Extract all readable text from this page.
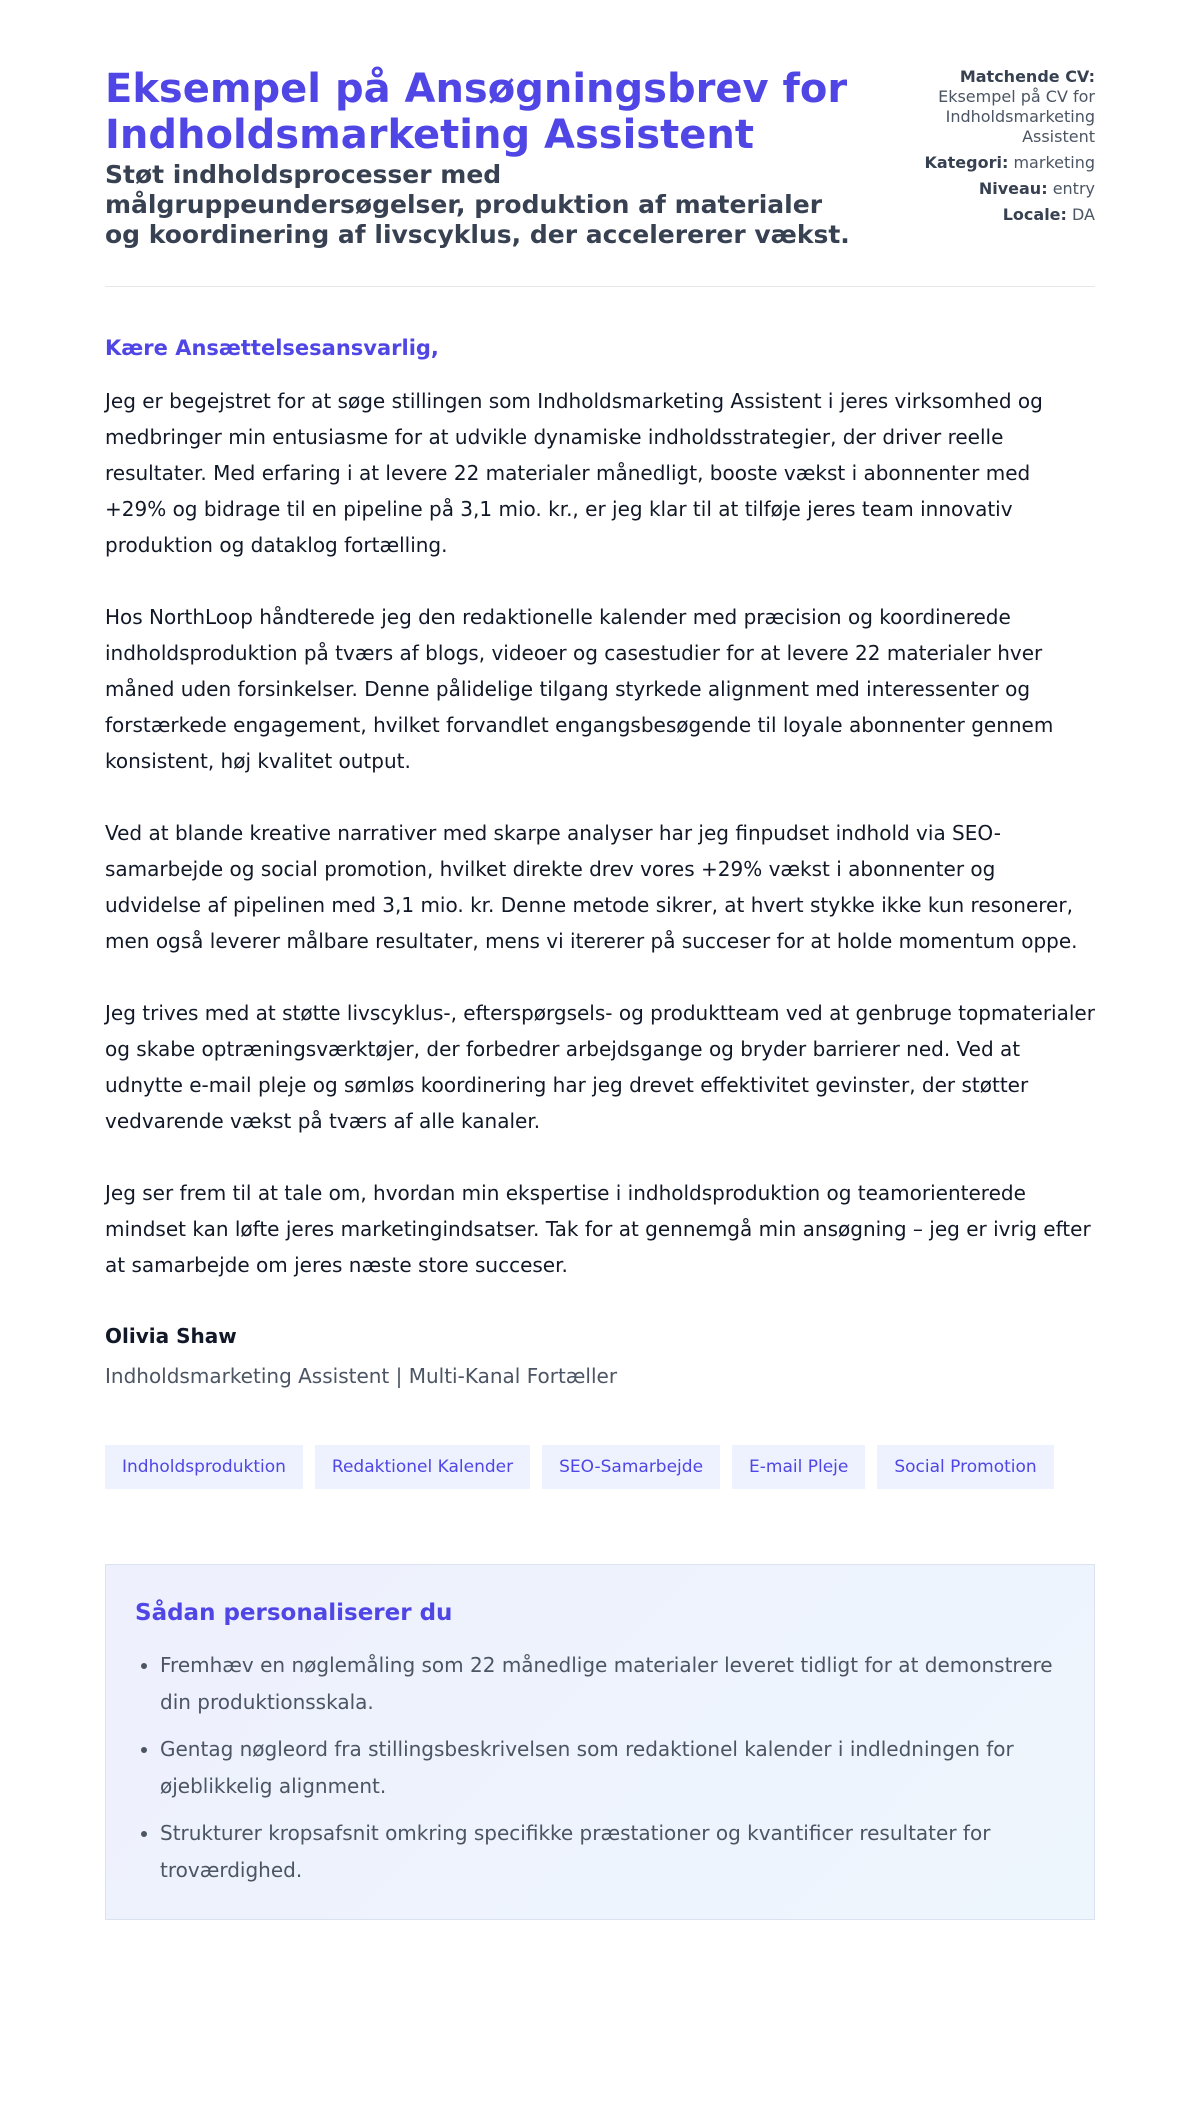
Eksempel på Ansøgningsbrev for Indholdsmarketing Assistent
Støt indholdsprocesser med målgruppeundersøgelser, produktion af materialer og koordinering af livscyklus, der accelererer vækst.
Matchende CV:
Eksempel på CV for Indholdsmarketing Assistent
Kategori: marketing
Niveau: entry
Locale: DA
Kære Ansættelsesansvarlig,

Jeg er begejstret for at søge stillingen som Indholdsmarketing Assistent i jeres virksomhed og medbringer min entusiasme for at udvikle dynamiske indholdsstrategier, der driver reelle resultater. Med erfaring i at levere 22 materialer månedligt, booste vækst i abonnenter med +29% og bidrage til en pipeline på 3,1 mio. kr., er jeg klar til at tilføje jeres team innovativ produktion og dataklog fortælling.

Hos NorthLoop håndterede jeg den redaktionelle kalender med præcision og koordinerede indholdsproduktion på tværs af blogs, videoer og casestudier for at levere 22 materialer hver måned uden forsinkelser. Denne pålidelige tilgang styrkede alignment med interessenter og forstærkede engagement, hvilket forvandlet engangsbesøgende til loyale abonnenter gennem konsistent, høj kvalitet output.

Ved at blande kreative narrativer med skarpe analyser har jeg finpudset indhold via SEO-samarbejde og social promotion, hvilket direkte drev vores +29% vækst i abonnenter og udvidelse af pipelinen med 3,1 mio. kr. Denne metode sikrer, at hvert stykke ikke kun resonerer, men også leverer målbare resultater, mens vi itererer på succeser for at holde momentum oppe.

Jeg trives med at støtte livscyklus-, efterspørgsels- og produktteam ved at genbruge topmaterialer og skabe optræningsværktøjer, der forbedrer arbejdsgange og bryder barrierer ned. Ved at udnytte e-mail pleje og sømløs koordinering har jeg drevet effektivitet gevinster, der støtter vedvarende vækst på tværs af alle kanaler.

Jeg ser frem til at tale om, hvordan min ekspertise i indholdsproduktion og teamorienterede mindset kan løfte jeres marketingindsatser. Tak for at gennemgå min ansøgning – jeg er ivrig efter at samarbejde om jeres næste store succeser.

Olivia Shaw
Indholdsmarketing Assistent | Multi-Kanal Fortæller
Indholdsproduktion	Redaktionel Kalender	SEO-Samarbejde	E-mail Pleje	Social Promotion
Sådan personaliserer du
• Fremhæv en nøglemåling som 22 månedlige materialer leveret tidligt for at demonstrere din produktionsskala.
• Gentag nøgleord fra stillingsbeskrivelsen som redaktionel kalender i indledningen for øjeblikkelig alignment.
• Strukturer kropsafsnit omkring specifikke præstationer og kvantificer resultater for troværdighed.
